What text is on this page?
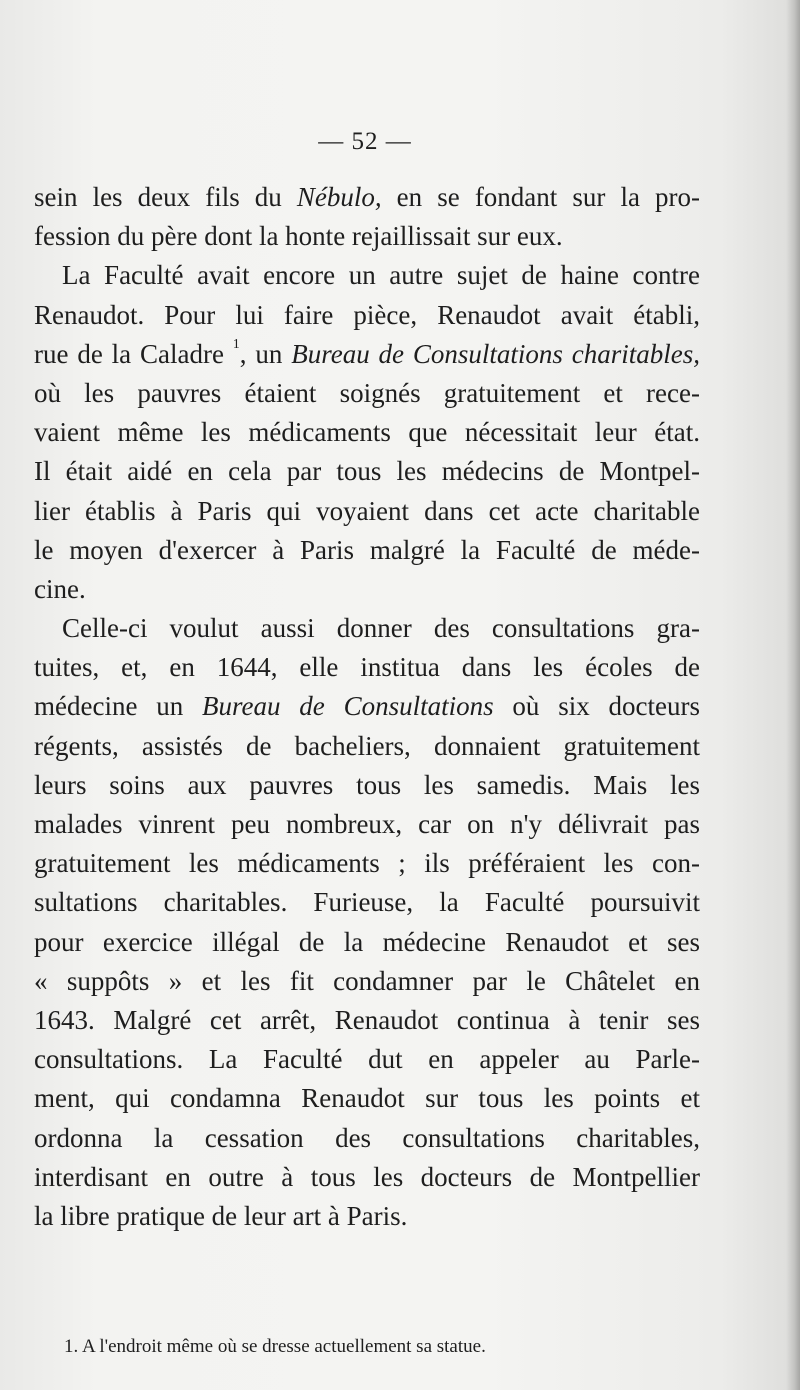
— 52 —
sein les deux fils du Nébulo, en se fondant sur la pro-
fession du père dont la honte rejaillissait sur eux.
La Faculté avait encore un autre sujet de haine contre
Renaudot. Pour lui faire pièce, Renaudot avait établi,
rue de la Caladre $^1$, un Bureau de Consultations charitables,
où les pauvres étaient soignés gratuitement et rece-
vaient même les médicaments que nécessitait leur état.
Il était aidé en cela par tous les médecins de Montpel-
lier établis à Paris qui voyaient dans cet acte charitable
le moyen d'exercer à Paris malgré la Faculté de méde-
cine.
Celle-ci voulut aussi donner des consultations gra-
tuites, et, en 1644, elle institua dans les écoles de
médecine un Bureau de Consultations où six docteurs
régents, assistés de bacheliers, donnaient gratuitement
leurs soins aux pauvres tous les samedis. Mais les
malades vinrent peu nombreux, car on n'y délivrait pas
gratuitement les médicaments ; ils préféraient les con-
sultations charitables. Furieuse, la Faculté poursuivit
pour exercice illégal de la médecine Renaudot et ses
« suppôts » et les fit condamner par le Châtelet en
1643. Malgré cet arrêt, Renaudot continua à tenir ses
consultations. La Faculté dut en appeler au Parle-
ment, qui condamna Renaudot sur tous les points et
ordonna la cessation des consultations charitables,
interdisant en outre à tous les docteurs de Montpellier
la libre pratique de leur art à Paris.
1. A l'endroit même où se dresse actuellement sa statue.
